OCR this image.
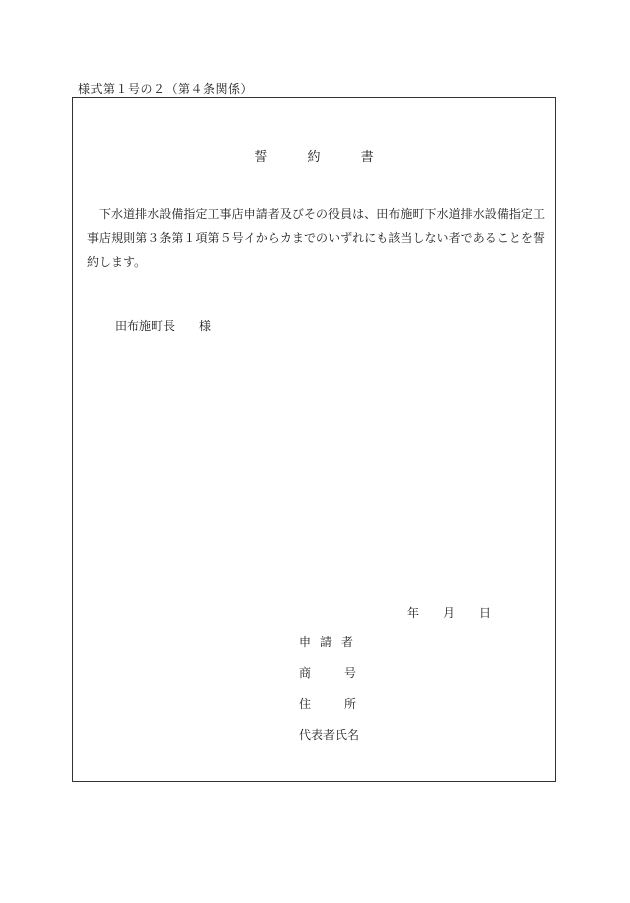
様式第１号の２（第４条関係）
誓 約 書
下水道排水設備指定工事店申請者及びその役員は、田布施町下水道排水設備指定工事店規則第３条第１項第５号イからカまでのいずれにも該当しない者であることを誓約します。
田布施町長 様
年 月 日
申請者
商号
住所
代表者氏名
